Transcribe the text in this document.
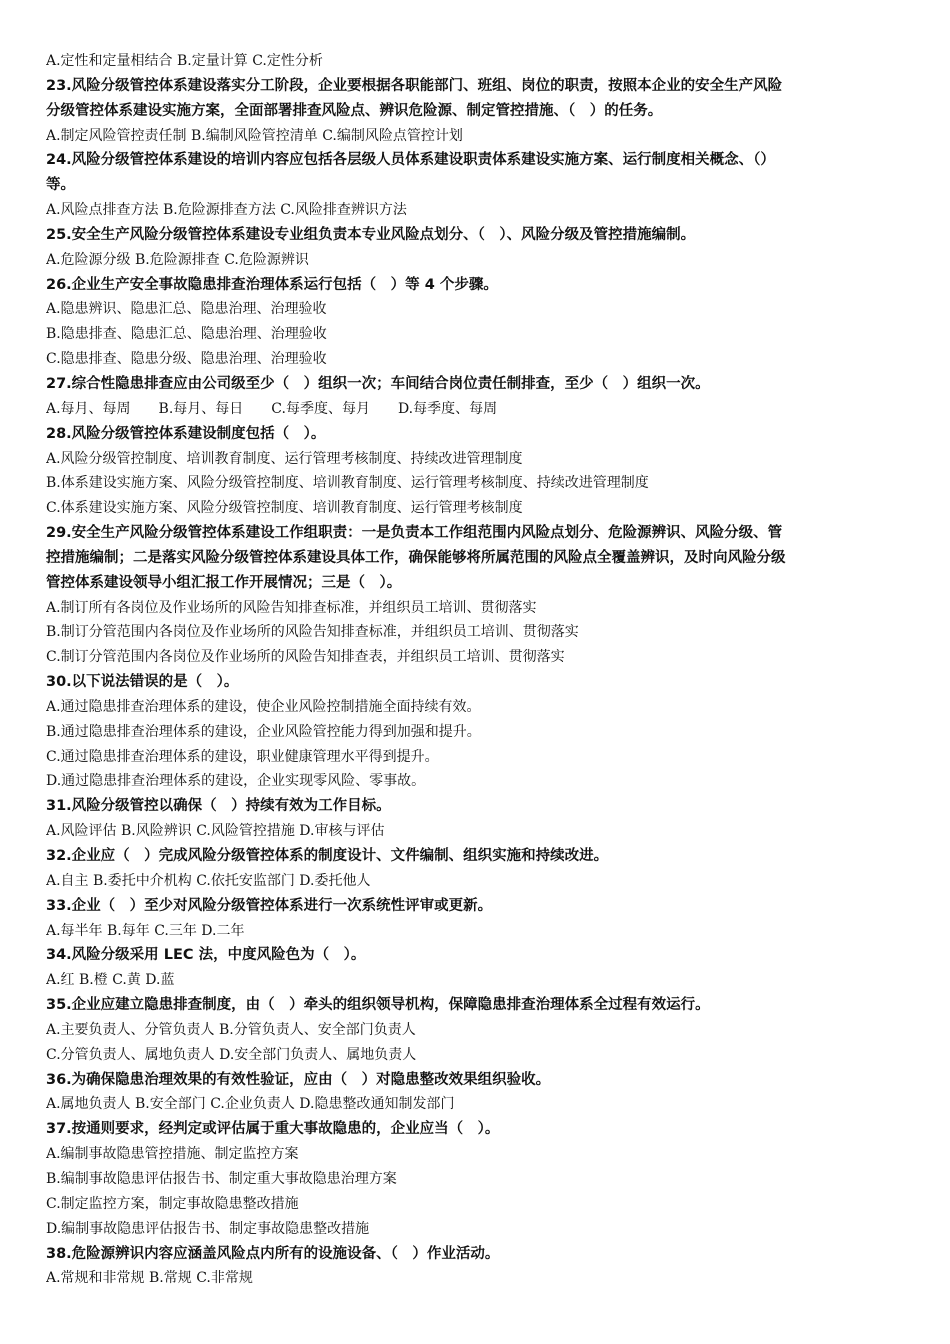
A.定性和定量相结合 B.定量计算 C.定性分析

23.风险分级管控体系建设落实分工阶段，企业要根据各职能部门、班组、岗位的职责，按照本企业的安全生产风险

分级管控体系建设实施方案，全面部署排查风险点、辨识危险源、制定管控措施、（　）的任务。

A.制定风险管控责任制 B.编制风险管控清单 C.编制风险点管控计划

24.风险分级管控体系建设的培训内容应包括各层级人员体系建设职责体系建设实施方案、运行制度相关概念、（）

等。

A.风险点排查方法 B.危险源排查方法 C.风险排查辨识方法

25.安全生产风险分级管控体系建设专业组负责本专业风险点划分、（　）、风险分级及管控措施编制。

A.危险源分级 B.危险源排查 C.危险源辨识

26.企业生产安全事故隐患排查治理体系运行包括（　）等 4 个步骤。

A.隐患辨识、隐患汇总、隐患治理、治理验收

B.隐患排查、隐患汇总、隐患治理、治理验收

C.隐患排查、隐患分级、隐患治理、治理验收

27.综合性隐患排查应由公司级至少（　）组织一次；车间结合岗位责任制排查，至少（　）组织一次。

A.每月、每周　　B.每月、每日　　C.每季度、每月　　D.每季度、每周

28.风险分级管控体系建设制度包括（　）。

A.风险分级管控制度、培训教育制度、运行管理考核制度、持续改进管理制度

B.体系建设实施方案、风险分级管控制度、培训教育制度、运行管理考核制度、持续改进管理制度

C.体系建设实施方案、风险分级管控制度、培训教育制度、运行管理考核制度

29.安全生产风险分级管控体系建设工作组职责：一是负责本工作组范围内风险点划分、危险源辨识、风险分级、管

控措施编制；二是落实风险分级管控体系建设具体工作，确保能够将所属范围的风险点全覆盖辨识，及时向风险分级

管控体系建设领导小组汇报工作开展情况；三是（　）。

A.制订所有各岗位及作业场所的风险告知排查标准，并组织员工培训、贯彻落实

B.制订分管范围内各岗位及作业场所的风险告知排查标准，并组织员工培训、贯彻落实

C.制订分管范围内各岗位及作业场所的风险告知排查表，并组织员工培训、贯彻落实

30.以下说法错误的是（　）。

A.通过隐患排查治理体系的建设，使企业风险控制措施全面持续有效。

B.通过隐患排查治理体系的建设，企业风险管控能力得到加强和提升。

C.通过隐患排查治理体系的建设，职业健康管理水平得到提升。

D.通过隐患排查治理体系的建设，企业实现零风险、零事故。

31.风险分级管控以确保（　）持续有效为工作目标。

A.风险评估 B.风险辨识 C.风险管控措施 D.审核与评估

32.企业应（　）完成风险分级管控体系的制度设计、文件编制、组织实施和持续改进。

A.自主 B.委托中介机构 C.依托安监部门 D.委托他人

33.企业（　）至少对风险分级管控体系进行一次系统性评审或更新。

A.每半年 B.每年 C.三年 D.二年

34.风险分级采用 LEC 法，中度风险色为（　）。

A.红 B.橙 C.黄 D.蓝

35.企业应建立隐患排查制度，由（　）牵头的组织领导机构，保障隐患排查治理体系全过程有效运行。

A.主要负责人、分管负责人 B.分管负责人、安全部门负责人

C.分管负责人、属地负责人 D.安全部门负责人、属地负责人

36.为确保隐患治理效果的有效性验证，应由（　）对隐患整改效果组织验收。

A.属地负责人 B.安全部门 C.企业负责人 D.隐患整改通知制发部门

37.按通则要求，经判定或评估属于重大事故隐患的，企业应当（　）。

A.编制事故隐患管控措施、制定监控方案

B.编制事故隐患评估报告书、制定重大事故隐患治理方案

C.制定监控方案，制定事故隐患整改措施

D.编制事故隐患评估报告书、制定事故隐患整改措施

38.危险源辨识内容应涵盖风险点内所有的设施设备、（　）作业活动。

A.常规和非常规 B.常规 C.非常规
